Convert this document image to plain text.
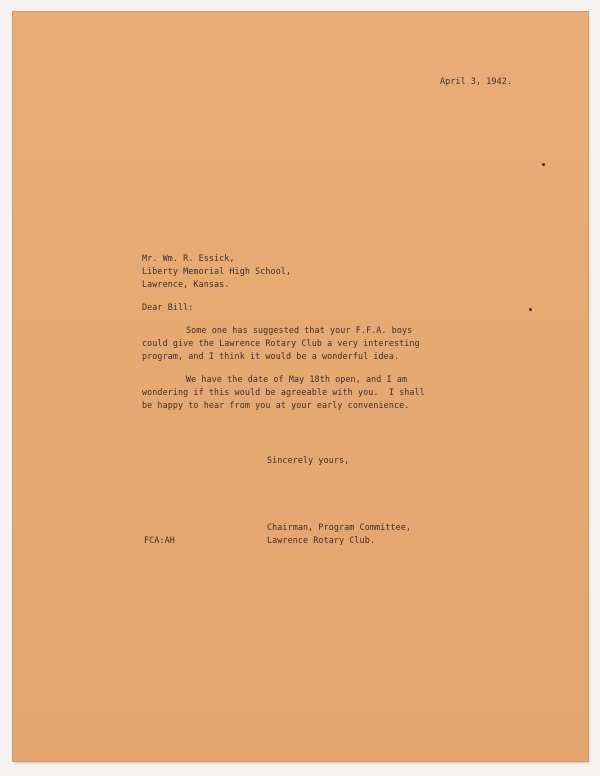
April 3, 1942.

Mr. Wm. R. Essick,

Liberty Memorial High School,

Lawrence, Kansas.

Dear Bill:

Some one has suggested that your F.F.A. boys

could give the Lawrence Rotary Club a very interesting

program, and I think it would be a wonderful idea.

We have the date of May 18th open, and I am

wondering if this would be agreeable with you.  I shall

be happy to hear from you at your early convenience.

Sincerely yours,

Chairman, Program Committee,

Lawrence Rotary Club.

FCA:AH
